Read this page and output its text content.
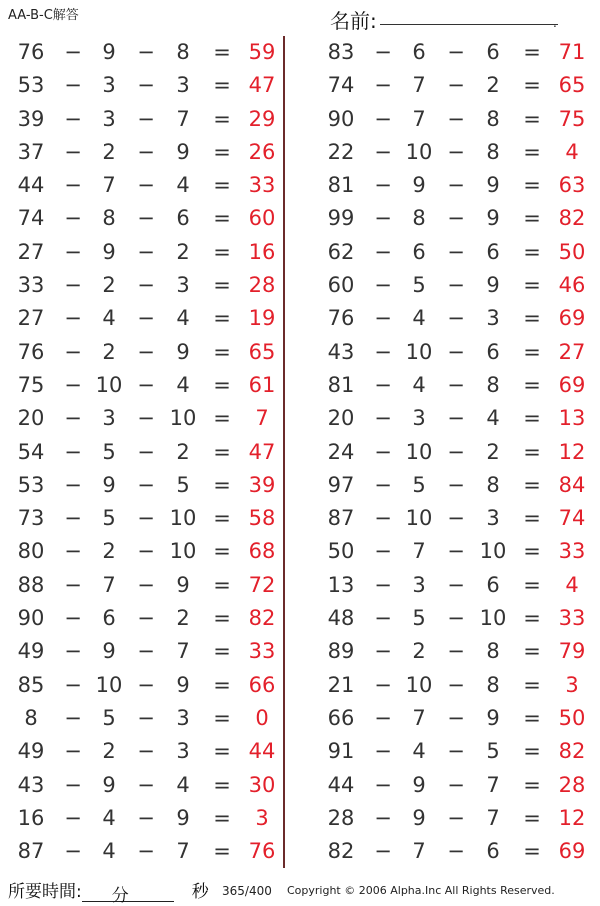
AA-B-C解答	名前:	.
76 − 9	−	8	= 59
53 − 3	−	3	= 47
39 − 3	−	7	= 29
37 − 2	−	9	= 26
44 − 7	−	4	= 33
74 − 8	−	6	= 60
27 − 9	−	2	= 16
33 − 2	−	3	= 28
27 − 4	−	4	= 19
76 − 2	−	9	= 65
75 − 10 −	4	= 61
20 − 3	− 10 =	7
54 − 5	−	2	= 47
53 − 9	−	5	= 39
73 − 5	− 10 = 58
80 − 2	− 10 = 68
88 − 7	−	9	= 72
90 − 6	−	2	= 82
49 − 9	−	7	= 33
85 − 10 −	9	= 66
8	− 5	−	3	=	0
49 − 2	−	3	= 44
43 − 9	−	4	= 30
16 − 4	−	9	=	3
87 − 4	−	7	= 76
83 − 6	−	6	= 71
74 − 7	−	2	= 65
90 − 7	−	8	= 75
22 − 10 −	8	=	4
81 − 9	−	9	= 63
99 − 8	−	9	= 82
62 − 6	−	6	= 50
60 − 5	−	9	= 46
76 − 4	−	3	= 69
43 − 10 −	6	= 27
81 − 4	−	8	= 69
20 − 3	−	4	= 13
24 − 10 −	2	= 12
97 − 5	−	8	= 84
87 − 10 −	3	= 74
50 − 7	− 10 = 33
13 − 3	−	6	=	4
48 − 5	− 10 = 33
89 − 2	−	8	= 79
21 − 10 −	8	=	3
66 − 7	−	9	= 50
91 − 4	−	5	= 82
44 − 9	−	7	= 28
28 − 9	−	7	= 12
82 − 7	−	6	= 69
所要時間: 分	秒 365/400 Copyright © 2006 Alpha.Inc All Rights Reserved.
